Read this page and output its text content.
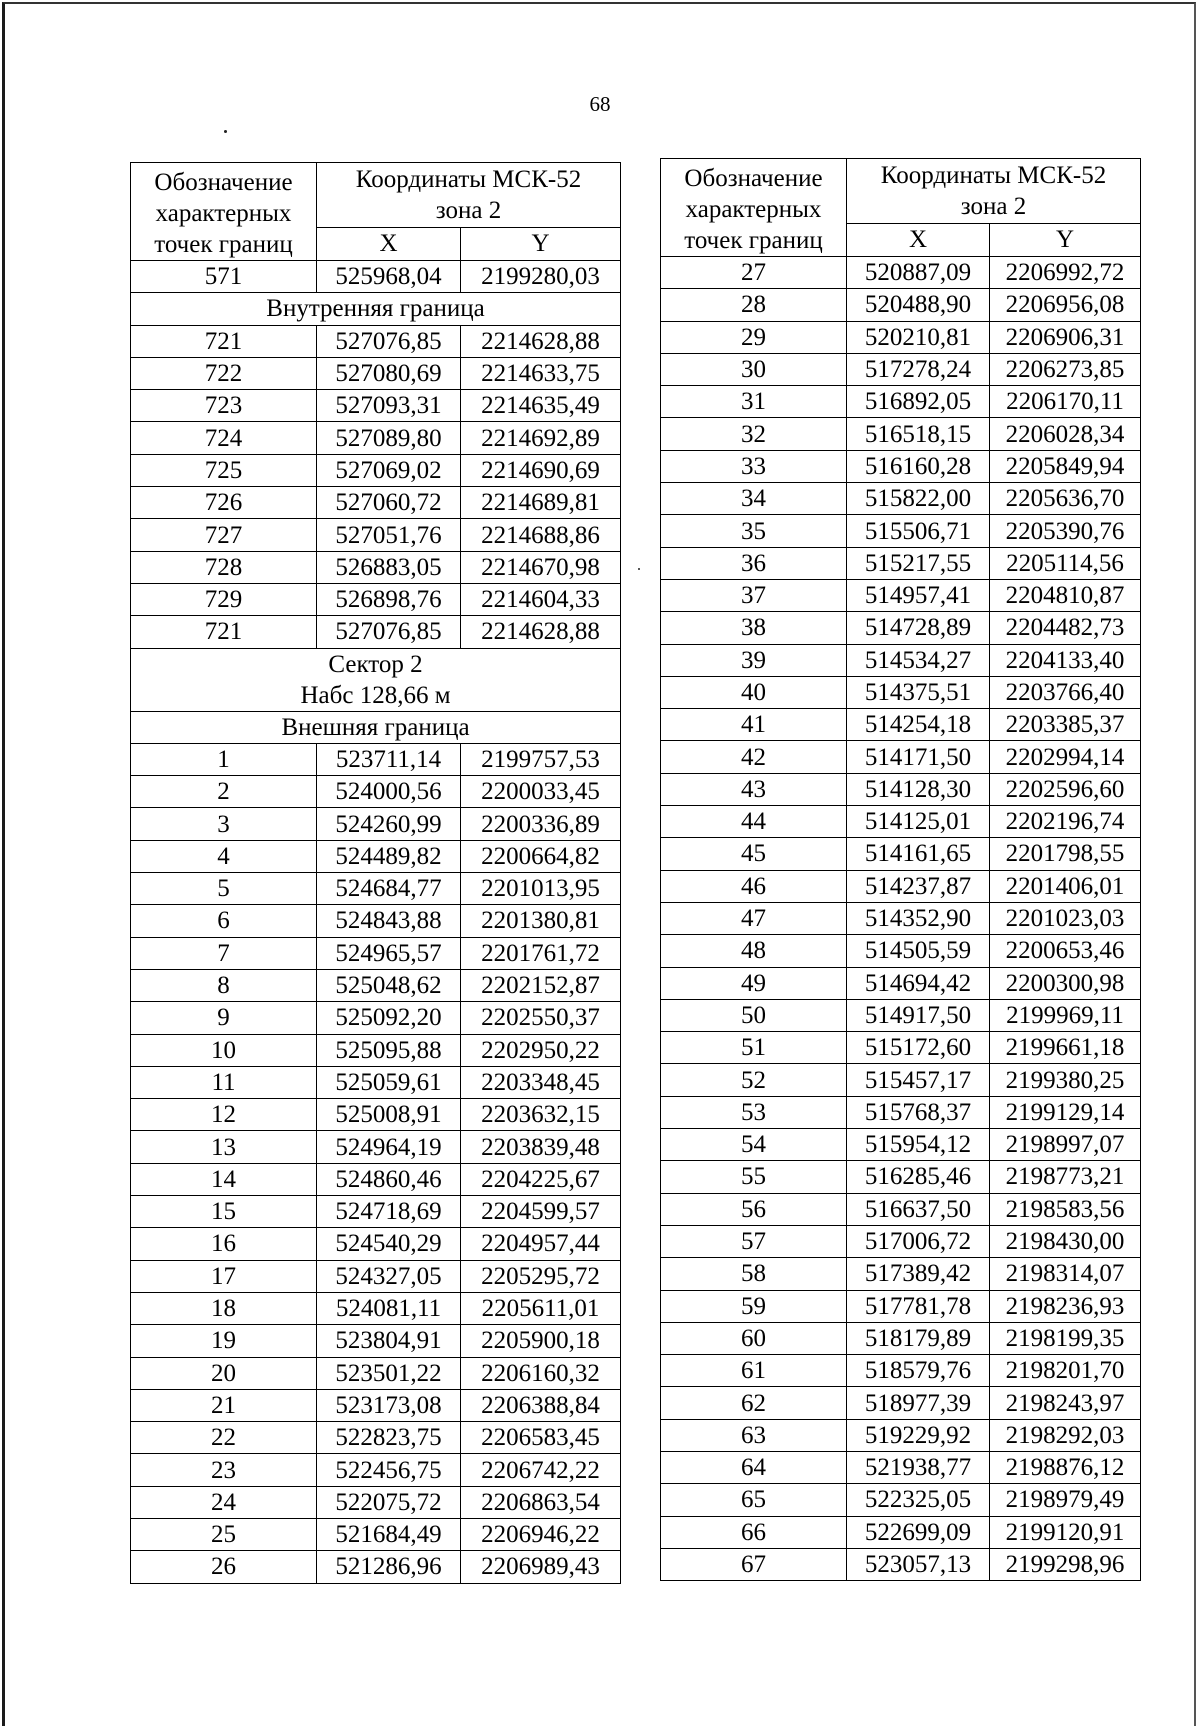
68
Обозначение характерных точек границ	Координаты МСК-52 зона 2	
	X	Y
571	525968,04	2199280,03
Внутренняя граница		
721	527076,85	2214628,88
722	527080,69	2214633,75
723	527093,31	2214635,49
724	527089,80	2214692,89
725	527069,02	2214690,69
726	527060,72	2214689,81
727	527051,76	2214688,86
728	526883,05	2214670,98
729	526898,76	2214604,33
721	527076,85	2214628,88

Сектор 2
Набс 128,66 м		

Внешняя граница		
1	523711,14	2199757,53
2	524000,56	2200033,45
3	524260,99	2200336,89
4	524489,82	2200664,82
5	524684,77	2201013,95
6	524843,88	2201380,81
7	524965,57	2201761,72
8	525048,62	2202152,87
9	525092,20	2202550,37
10	525095,88	2202950,22
11	525059,61	2203348,45
12	525008,91	2203632,15
13	524964,19	2203839,48
14	524860,46	2204225,67
15	524718,69	2204599,57
16	524540,29	2204957,44
17	524327,05	2205295,72
18	524081,11	2205611,01
19	523804,91	2205900,18
20	523501,22	2206160,32
21	523173,08	2206388,84
22	522823,75	2206583,45
23	522456,75	2206742,22
24	522075,72	2206863,54
25	521684,49	2206946,22
26	521286,96	2206989,43
Обозначение характерных точек границ	Координаты МСК-52 зона 2	
	X	Y
27	520887,09	2206992,72
28	520488,90	2206956,08
29	520210,81	2206906,31
30	517278,24	2206273,85
31	516892,05	2206170,11
32	516518,15	2206028,34
33	516160,28	2205849,94
34	515822,00	2205636,70
35	515506,71	2205390,76
36	515217,55	2205114,56
37	514957,41	2204810,87
38	514728,89	2204482,73
39	514534,27	2204133,40
40	514375,51	2203766,40
41	514254,18	2203385,37
42	514171,50	2202994,14
43	514128,30	2202596,60
44	514125,01	2202196,74
45	514161,65	2201798,55
46	514237,87	2201406,01
47	514352,90	2201023,03
48	514505,59	2200653,46
49	514694,42	2200300,98
50	514917,50	2199969,11
51	515172,60	2199661,18
52	515457,17	2199380,25
53	515768,37	2199129,14
54	515954,12	2198997,07
55	516285,46	2198773,21
56	516637,50	2198583,56
57	517006,72	2198430,00
58	517389,42	2198314,07
59	517781,78	2198236,93
60	518179,89	2198199,35
61	518579,76	2198201,70
62	518977,39	2198243,97
63	519229,92	2198292,03
64	521938,77	2198876,12
65	522325,05	2198979,49
66	522699,09	2199120,91
67	523057,13	2199298,96
